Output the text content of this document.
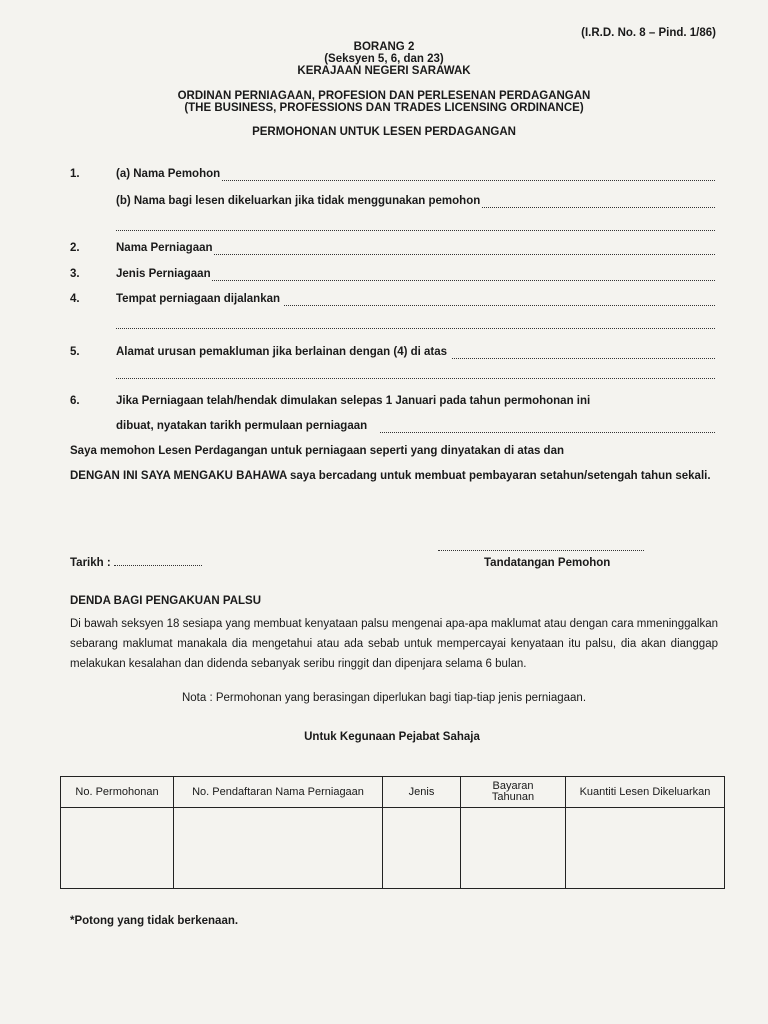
(I.R.D. No. 8 – Pind. 1/86)
BORANG 2
(Seksyen 5, 6, dan 23)
KERAJAAN NEGERI SARAWAK
ORDINAN PERNIAGAAN, PROFESION DAN PERLESENAN PERDAGANGAN
(THE BUSINESS, PROFESSIONS DAN TRADES LICENSING ORDINANCE)
PERMOHONAN UNTUK LESEN PERDAGANGAN
1.	(a) Nama Pemohon
(b) Nama bagi lesen dikeluarkan jika tidak menggunakan pemohon
2.	Nama Perniagaan
3.	Jenis Perniagaan
4.	Tempat perniagaan dijalankan
5.	Alamat urusan pemakluman jika berlainan dengan (4) di atas
6.	Jika Perniagaan telah/hendak dimulakan selepas 1 Januari pada tahun permohonan ini
dibuat, nyatakan tarikh permulaan perniagaan
Saya memohon Lesen Perdagangan untuk perniagaan seperti yang dinyatakan di atas dan
DENGAN INI SAYA MENGAKU BAHAWA saya bercadang untuk membuat pembayaran setahun/setengah tahun sekali.
Tarikh :	Tandatangan Pemohon
DENDA BAGI PENGAKUAN PALSU
Di bawah seksyen 18 sesiapa yang membuat kenyataan palsu mengenai apa-apa maklumat atau dengan cara mmeninggalkan sebarang maklumat manakala dia mengetahui atau ada sebab untuk mempercayai kenyataan itu palsu, dia akan dianggap melakukan kesalahan dan didenda sebanyak seribu ringgit dan dipenjara selama 6 bulan.
Nota : Permohonan yang berasingan diperlukan bagi tiap-tiap jenis perniagaan.
Untuk Kegunaan Pejabat Sahaja
No. Permohonan	No. Pendaftaran Nama Perniagaan	Jenis	Bayaran Tahunan	Kuantiti Lesen Dikeluarkan

*Potong yang tidak berkenaan.
